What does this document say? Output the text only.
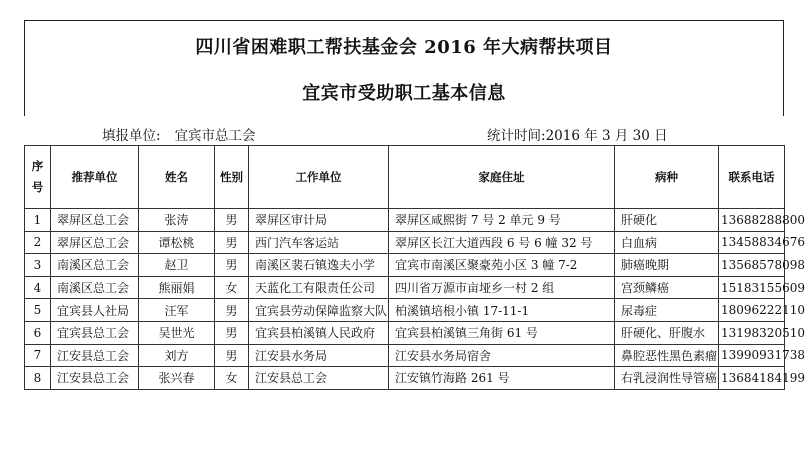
四川省困难职工帮扶基金会 2016 年大病帮扶项目
宜宾市受助职工基本信息
填报单位: 宜宾市总工会	统计时间:2016 年 3 月 30 日
序
号	推荐单位	姓名	性别	工作单位	家庭住址	病种	联系电话
1	翠屏区总工会	张涛	男	翠屏区审计局	翠屏区咸熙街 7 号 2 单元 9 号	肝硬化	13688288800
2	翠屏区总工会	谭松桃	男	西门汽车客运站	翠屏区长江大道西段 6 号 6 幢 32 号	白血病	13458834676
3	南溪区总工会	赵卫	男	南溪区裴石镇逸夫小学	宜宾市南溪区聚豪苑小区 3 幢 7-2	肺癌晚期	13568578098
4	南溪区总工会	熊丽娟	女	天蓝化工有限责任公司	四川省万源市亩垭乡一村 2 组	宫颈鳞癌	15183155609
5	宜宾县人社局	汪军	男	宜宾县劳动保障监察大队	柏溪镇培根小镇 17-11-1	尿毒症	18096222110
6	宜宾县总工会	吴世光	男	宜宾县柏溪镇人民政府	宜宾县柏溪镇三角街 61 号	肝硬化、肝腹水	13198320510
7	江安县总工会	刘方	男	江安县水务局	江安县水务局宿舍	鼻腔恶性黑色素瘤	13990931738
8	江安县总工会	张兴春	女	江安县总工会	江安镇竹海路 261 号	右乳浸润性导管癌	13684184199
